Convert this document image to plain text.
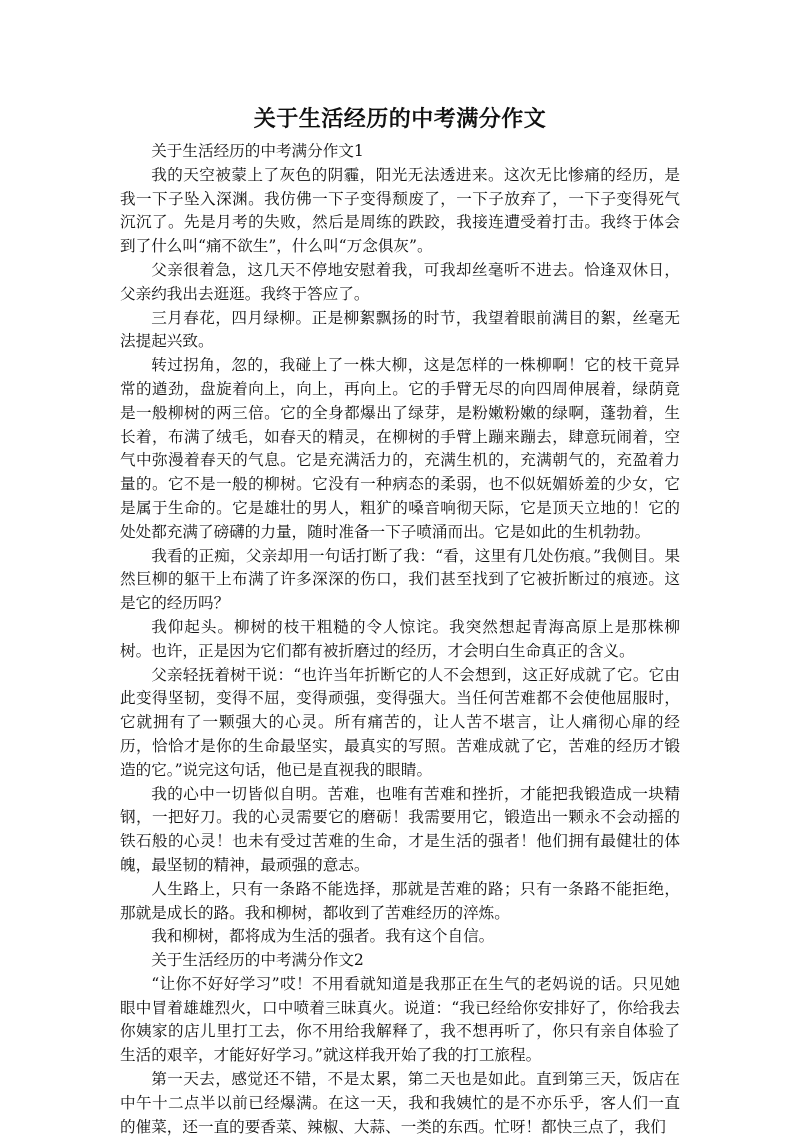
关于生活经历的中考满分作文

关于生活经历的中考满分作文1

我的天空被蒙上了灰色的阴霾，阳光无法透进来。这次无比惨痛的经历，是我一下子坠入深渊。我仿佛一下子变得颓废了，一下子放弃了，一下子变得死气沉沉了。先是月考的失败，然后是周练的跌跤，我接连遭受着打击。我终于体会到了什么叫“痛不欲生”，什么叫“万念俱灰”。

父亲很着急，这几天不停地安慰着我，可我却丝毫听不进去。恰逢双休日，父亲约我出去逛逛。我终于答应了。

三月春花，四月绿柳。正是柳絮飘扬的时节，我望着眼前满目的絮，丝毫无法提起兴致。

转过拐角，忽的，我碰上了一株大柳，这是怎样的一株柳啊！它的枝干竟异常的遒劲，盘旋着向上，向上，再向上。它的手臂无尽的向四周伸展着，绿荫竟是一般柳树的两三倍。它的全身都爆出了绿芽，是粉嫩粉嫩的绿啊，蓬勃着，生长着，布满了绒毛，如春天的精灵，在柳树的手臂上蹦来蹦去，肆意玩闹着，空气中弥漫着春天的气息。它是充满活力的，充满生机的，充满朝气的，充盈着力量的。它不是一般的柳树。它没有一种病态的柔弱，也不似妩媚娇羞的少女，它是属于生命的。它是雄壮的男人，粗犷的嗓音响彻天际，它是顶天立地的！它的处处都充满了磅礴的力量，随时准备一下子喷涌而出。它是如此的生机勃勃。

我看的正痴，父亲却用一句话打断了我：“看，这里有几处伤痕。”我侧目。果然巨柳的躯干上布满了许多深深的伤口，我们甚至找到了它被折断过的痕迹。这是它的经历吗？

我仰起头。柳树的枝干粗糙的令人惊诧。我突然想起青海高原上是那株柳树。也许，正是因为它们都有被折磨过的经历，才会明白生命真正的含义。

父亲轻抚着树干说：“也许当年折断它的人不会想到，这正好成就了它。它由此变得坚韧，变得不屈，变得顽强，变得强大。当任何苦难都不会使他屈服时，它就拥有了一颗强大的心灵。所有痛苦的，让人苦不堪言，让人痛彻心扉的经历，恰恰才是你的生命最坚实，最真实的写照。苦难成就了它，苦难的经历才锻造的它。”说完这句话，他已是直视我的眼睛。

我的心中一切皆似自明。苦难，也唯有苦难和挫折，才能把我锻造成一块精钢，一把好刀。我的心灵需要它的磨砺！我需要用它，锻造出一颗永不会动摇的铁石般的心灵！也未有受过苦难的生命，才是生活的强者！他们拥有最健壮的体魄，最坚韧的精神，最顽强的意志。

人生路上，只有一条路不能选择，那就是苦难的路；只有一条路不能拒绝，那就是成长的路。我和柳树，都收到了苦难经历的淬炼。

我和柳树，都将成为生活的强者。我有这个自信。

关于生活经历的中考满分作文2

“让你不好好学习”哎！不用看就知道是我那正在生气的老妈说的话。只见她眼中冒着雄雄烈火，口中喷着三昧真火。说道：“我已经给你安排好了，你给我去你姨家的店儿里打工去，你不用给我解释了，我不想再听了，你只有亲自体验了生活的艰辛，才能好好学习。”就这样我开始了我的打工旅程。

第一天去，感觉还不错，不是太累，第二天也是如此。直到第三天，饭店在中午十二点半以前已经爆满。在这一天，我和我姨忙的是不亦乐乎，客人们一直的催菜，还一直的要香菜、辣椒、大蒜、一类的东西。忙呀！都快三点了，我们
